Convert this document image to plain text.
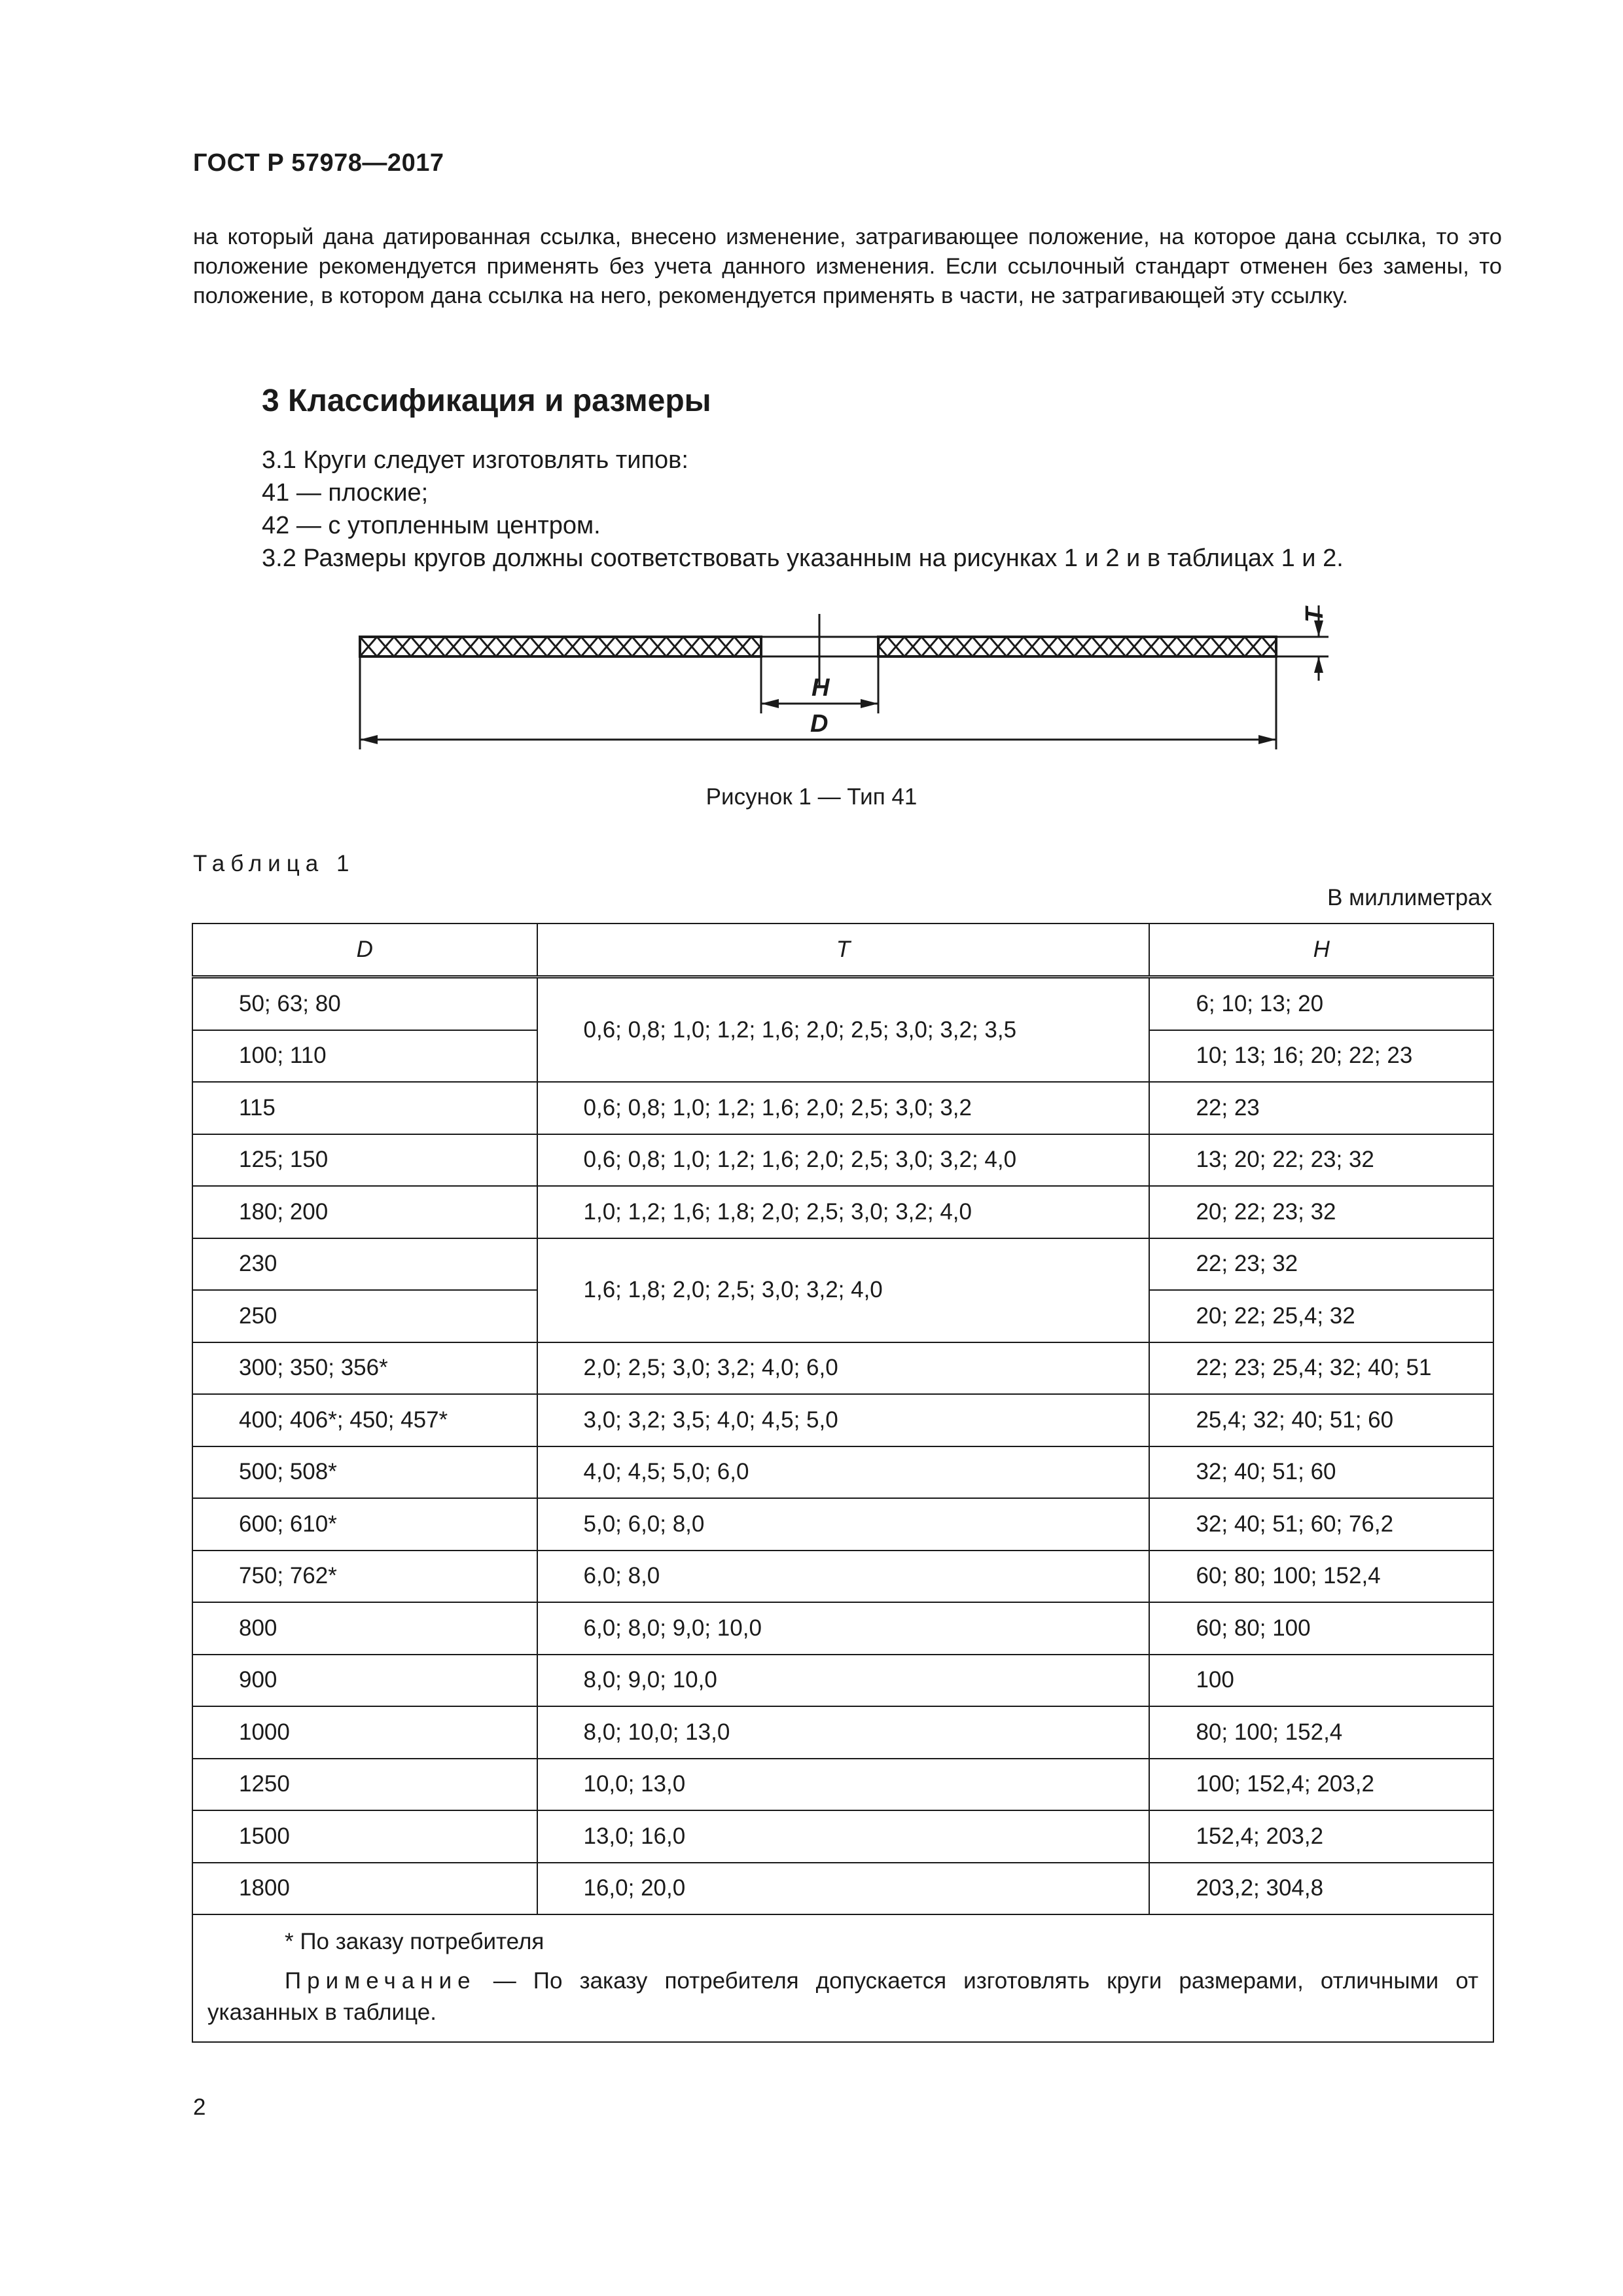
ГОСТ Р 57978—2017
на который дана датированная ссылка, внесено изменение, затрагивающее положение, на которое дана ссылка, то это положение рекомендуется применять без учета данного изменения. Если ссылочный стандарт отменен без замены, то положение, в котором дана ссылка на него, рекомендуется применять в части, не затрагивающей эту ссылку.
3 Классификация и размеры
3.1 Круги следует изготовлять типов:
41 — плоские;
42 — с утопленным центром.
3.2 Размеры кругов должны соответствовать указанным на рисунках 1 и 2 и в таблицах 1 и 2.
T
H
D
Рисунок 1 — Тип 41
Таблица 1
В миллиметрах
D	T	H
50; 63; 80	0,6; 0,8; 1,0; 1,2; 1,6; 2,0; 2,5; 3,0; 3,2; 3,5	6; 10; 13; 20
100; 110		10; 13; 16; 20; 22; 23
115	0,6; 0,8; 1,0; 1,2; 1,6; 2,0; 2,5; 3,0; 3,2	22; 23
125; 150	0,6; 0,8; 1,0; 1,2; 1,6; 2,0; 2,5; 3,0; 3,2; 4,0	13; 20; 22; 23; 32
180; 200	1,0; 1,2; 1,6; 1,8; 2,0; 2,5; 3,0; 3,2; 4,0	20; 22; 23; 32
230	1,6; 1,8; 2,0; 2,5; 3,0; 3,2; 4,0	22; 23; 32
250		20; 22; 25,4; 32
300; 350; 356*	2,0; 2,5; 3,0; 3,2; 4,0; 6,0	22; 23; 25,4; 32; 40; 51
400; 406*; 450; 457*	3,0; 3,2; 3,5; 4,0; 4,5; 5,0	25,4; 32; 40; 51; 60
500; 508*	4,0; 4,5; 5,0; 6,0	32; 40; 51; 60
600; 610*	5,0; 6,0; 8,0	32; 40; 51; 60; 76,2
750; 762*	6,0; 8,0	60; 80; 100; 152,4
800	6,0; 8,0; 9,0; 10,0	60; 80; 100
900	8,0; 9,0; 10,0	100
1000	8,0; 10,0; 13,0	80; 100; 152,4
1250	10,0; 13,0	100; 152,4; 203,2
1500	13,0; 16,0	152,4; 203,2
1800	16,0; 20,0	203,2; 304,8

* По заказу потребителя
Примечание — По заказу потребителя допускается изготовлять круги размерами, отличными от указанных в таблице.		
2
